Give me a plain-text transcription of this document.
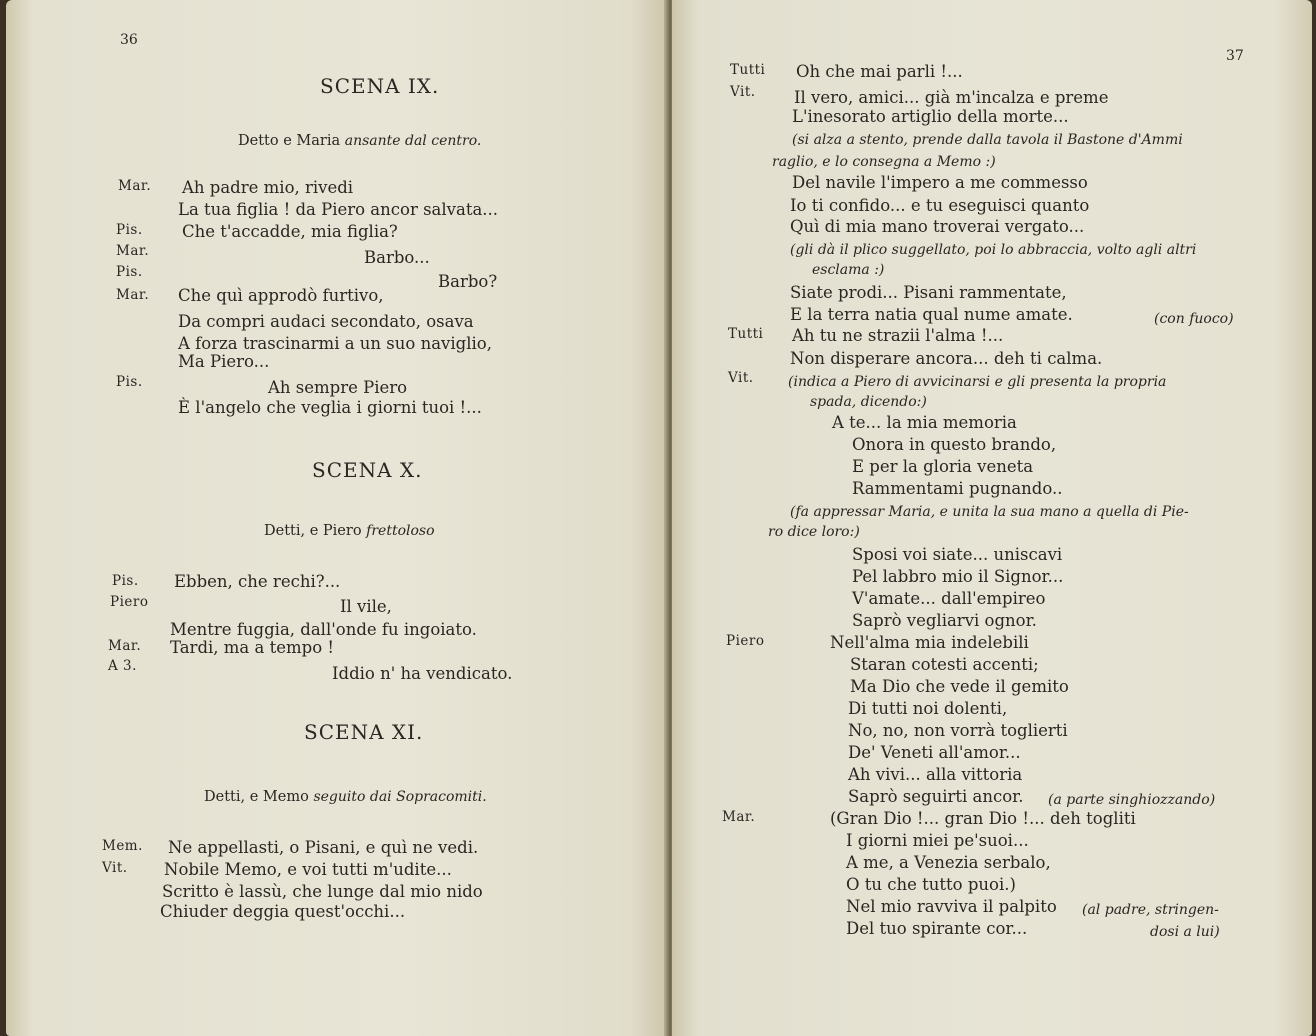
36
SCENA IX.
Detto e Maria ansante dal centro.
Mar. Ah padre mio, rivedi
La tua figlia ! da Piero ancor salvata...
Pis. Che t'accadde, mia figlia?
Mar.	Barbo...
Pis.	Barbo?
Mar. Che quì approdò furtivo,
Da compri audaci secondato, osava
A forza trascinarmi a un suo naviglio,
Ma Piero...
Pis.	Ah sempre Piero
È l'angelo che veglia i giorni tuoi !...
SCENA X.
Detti, e Piero frettoloso
Pis. Ebben, che rechi?...
Piero	Il vile,
Mentre fuggia, dall'onde fu ingoiato.
Mar. Tardi, ma a tempo !
A 3.	Iddio n' ha vendicato.
SCENA XI.
Detti, e Memo seguito dai Sopracomiti.
Mem. Ne appellasti, o Pisani, e quì ne vedi.
Vit. Nobile Memo, e voi tutti m'udite...
Scritto è lassù, che lunge dal mio nido
Chiuder deggia quest'occhi...
37
Tutti Oh che mai parli !...
Vit. Il vero, amici... già m'incalza e preme
L'inesorato artiglio della morte...
(si alza a stento, prende dalla tavola il Bastone d'Ammi
raglio, e lo consegna a Memo :)
Del navile l'impero a me commesso
Io ti confido... e tu eseguisci quanto
Quì di mia mano troverai vergato...
(gli dà il plico suggellato, poi lo abbraccia, volto agli altri
esclama :)
Siate prodi... Pisani rammentate,
E la terra natia qual nume amate.	(con fuoco)
Tutti Ah tu ne strazii l'alma !...
Non disperare ancora... deh ti calma.
Vit. (indica a Piero di avvicinarsi e gli presenta la propria
spada, dicendo:)
A te... la mia memoria
Onora in questo brando,
E per la gloria veneta
Rammentami pugnando..
(fa appressar Maria, e unita la sua mano a quella di Pie-
ro dice loro:)
Sposi voi siate... uniscavi
Pel labbro mio il Signor...
V'amate... dall'empireo
Saprò vegliarvi ognor.
Piero	Nell'alma mia indelebili
Staran cotesti accenti;
Ma Dio che vede il gemito
Di tutti noi dolenti,
No, no, non vorrà toglierti
De' Veneti all'amor...
Ah vivi... alla vittoria
Saprò seguirti ancor. (a parte singhiozzando)
Mar.	(Gran Dio !... gran Dio !... deh togliti
I giorni miei pe'suoi...
A me, a Venezia serbalo,
O tu che tutto puoi.)
Nel mio ravviva il palpito (al padre, stringen-
Del tuo spirante cor...	dosi a lui)
